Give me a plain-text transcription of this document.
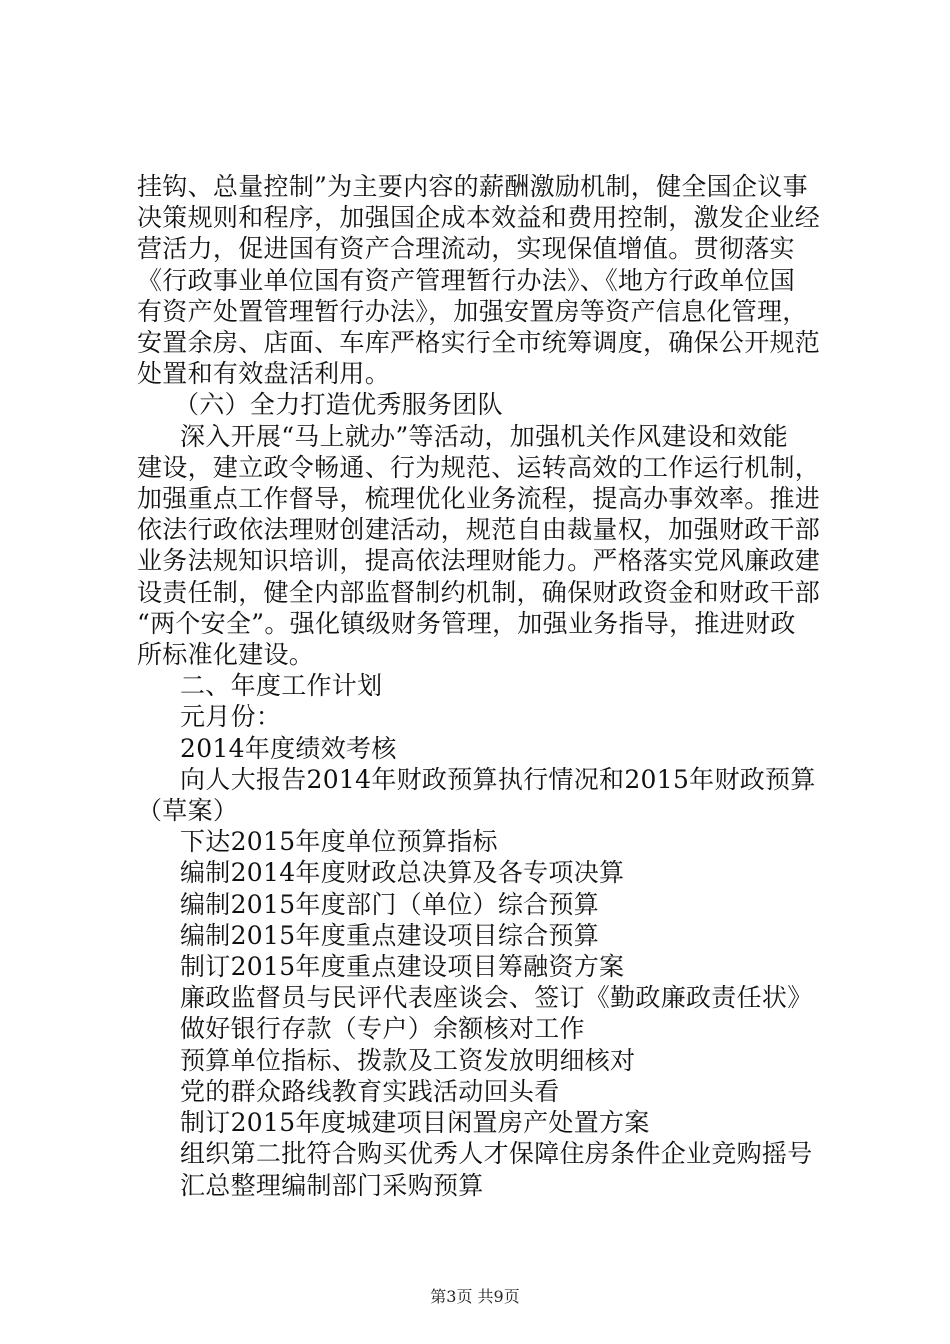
挂钩、总量控制”为主要内容的薪酬激励机制，健全国企议事

决策规则和程序，加强国企成本效益和费用控制，激发企业经

营活力，促进国有资产合理流动，实现保值增值。贯彻落实

《行政事业单位国有资产管理暂行办法》、《地方行政单位国

有资产处置管理暂行办法》，加强安置房等资产信息化管理，

安置余房、店面、车库严格实行全市统筹调度，确保公开规范

处置和有效盘活利用。

（六）全力打造优秀服务团队

深入开展“马上就办”等活动，加强机关作风建设和效能

建设，建立政令畅通、行为规范、运转高效的工作运行机制，

加强重点工作督导，梳理优化业务流程，提高办事效率。推进

依法行政依法理财创建活动，规范自由裁量权，加强财政干部

业务法规知识培训，提高依法理财能力。严格落实党风廉政建

设责任制，健全内部监督制约机制，确保财政资金和财政干部

“两个安全”。强化镇级财务管理，加强业务指导，推进财政

所标准化建设。

二、年度工作计划

元月份：

2014年度绩效考核

向人大报告2014年财政预算执行情况和2015年财政预算

（草案）

下达2015年度单位预算指标

编制2014年度财政总决算及各专项决算

编制2015年度部门（单位）综合预算

编制2015年度重点建设项目综合预算

制订2015年度重点建设项目筹融资方案

廉政监督员与民评代表座谈会、签订《勤政廉政责任状》

做好银行存款（专户）余额核对工作

预算单位指标、拨款及工资发放明细核对

党的群众路线教育实践活动回头看

制订2015年度城建项目闲置房产处置方案

组织第二批符合购买优秀人才保障住房条件企业竞购摇号

汇总整理编制部门采购预算

第3页 共9页
